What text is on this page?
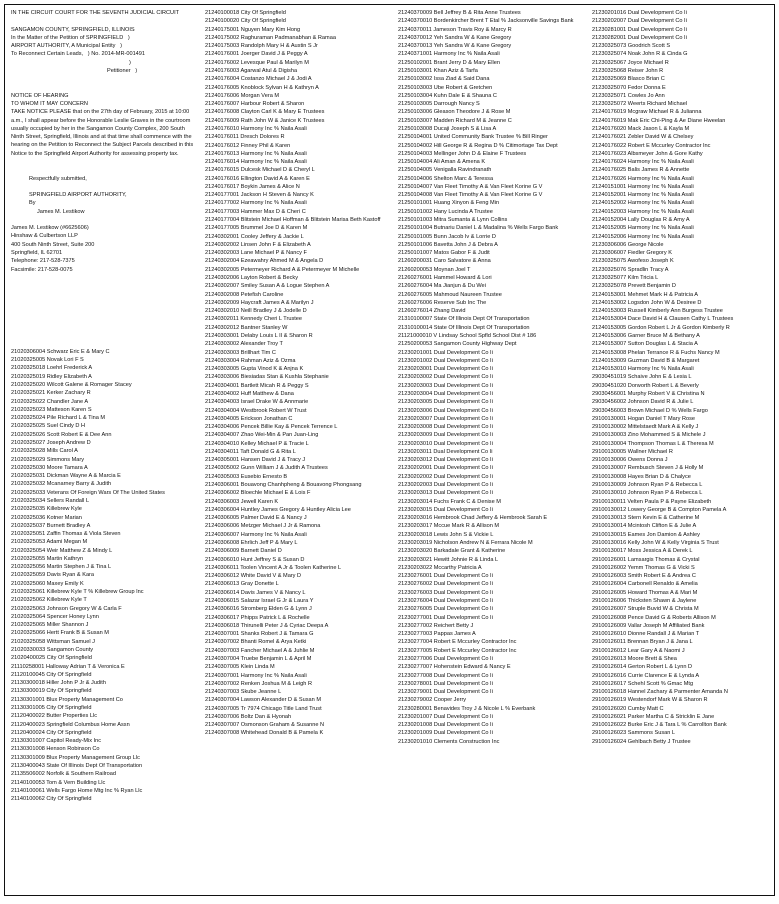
IN THE CIRCUIT COURT FOR THE SEVENTH JUDICIAL CIRCUIT
SANGAMON COUNTY, SPRINGFIELD, ILLINOIS
In the Matter of the Petition of SPRINGFIELD   )
AIRPORT AUTHORITY, A Municipal Entity   )
To Reconnect Certain Leads,   ) No. 2014-MR-001491
)
Petitioner   )
NOTICE OF HEARING
TO WHOM IT MAY CONCERN
TAKE NOTICE PLEASE that on the 27th day of February, 2015 at 10:00 a.m., I shall appear before the Honorable Leslie Graves in the courtroom usually occupied by her in the Sangamon County Complex, 200 South Ninth Street, Springfield, Illinois and at that time shall commence with the hearing on the Petition to Reconnect the Subject Parcels described in this Notice to the Springfield Airport Authority for assessing property tax.
Respectfully submitted,
SPRINGFIELD AIRPORT AUTHORITY,
By
James M. Lestikow
James M. Lestikow (#6625606)
Hinshaw & Culbertson LLP
400 South Ninth Street, Suite 200
Springfield, IL 62701
Telephone: 217-528-7375
Facsimile: 217-528-0075
21020306004 Schwarz Eric E & Mary C
21020325005 Novak Lori F S
21020325018 Loehrl Frederick A
21020325019 Ridley Elizabeth A
21020325020 Wilcott Galene & Romager Stacey
21020325021 Kerker Zachary R
21020325022 Chandler Jane A
21020325023 Matteson Karen S
21020325024 Pile Richard L & Tina M
21020325025 Suel Cindy D H
21020325026 Scott Robert E & Dee Ann
21020325027 Joseph Andrew D
21020325028 Mills Carol A
21020325029 Simmons Mary
21020325030 Moore Tamara A
21020325031 Dickman Wayne A & Marcia E
21020325032 Mcanarney Barry & Judith
21020325033 Veterans Of Foreign Wars Of The United States
21020325034 Sellers Randall L
21020325035 Killebrew Kyle
21020325036 Kotner Marian
21020325037 Burnett Bradley A
21020325051 Zaffin Thomas & Viola Steven
21020325053 Adami Megan M
21020325054 Weir Matthew Z & Mindy L
21020325055 Martin Kathryn
21020325056 Martin Stephen J & Tina L
21020325059 Davis Ryan & Kara
21020325060 Maxey Emily K
21020325061 Killebrew Kyle T % Killebrew Group Inc
21020325062 Killebrew Kyle T
21020325063 Johnson Gregory W & Carla F
21020325064 Spencer Honey Lynn
21020325065 Miller Shannon J
21020325066 Hertt Frank B & Susan M
21020325058 Wittsman Samuel J
21020330033 Sangamon County
21020400025 City Of Springfield
21110258001 Halloway Adrian T & Veronica E
21120100045 City Of Springfield
21130300018 Hiller John P Jr & Judith
21130300019 City Of Springfield
21130301001 Blux Property Management Co
21130301005 City Of Springfield
21120400022 Butter Properties Llc
21120400023 Springfield Columbus Home Assn
21120400024 City Of Springfield
21130301007 Capitol Ready-Mix Inc
21130301008 Henson Robinson Co
21130301009 Blux Property Management Group Llc
21130400043 State Of Illinois Dept Of Transportation
21135506002 Norfolk & Southern Railroad
21140100053 Tom & Vern Building Llc
21140100061 Wells Fargo Home Mtg Inc % Ryan Llc
21140100062 City Of Springfield
21240100018 City Of Springfield
21240100020 City Of Springfield
21240175001 Nguyen Mary Kim Hong
21240175002 Raghuraman Padmanabhan & Ramaa
21240175003 Randolph Mary H & Austin S Jr
21240176001 Joerger David J & Peggy A
21240176002 Levesque Paul & Marilyn M
21240176003 Agarwal Atul & Digisha
21240176004 Costanzo Michael J & Jodi A
21240176005 Knoblock Sylvan H & Kathryn A
21240176006 Morgan Vera M
21240176007 Harbour Robert & Sharon
21240176008 Clayton Carl K & Mary E Trustees
21240176009 Rath John W & Janice K Trustees
21240176010 Harmony Inc % Naila Asali
21240176011 Dresch Dolores R
21240176012 Finney Phil & Karen
21240176013 Harmony Inc % Naila Asali
21240176014 Harmony Inc % Naila Asali
21240176015 Dulcesk Michael D & Cheryl L
21240176016 Ellington David A & Karen E
21240176017 Boykin James & Alice N
21240177001 Jackson H Steven & Nancy K
21240177002 Harmony Inc % Naila Asali
21240177003 Hammer Max D & Cheri C
21240177004 Blitstein Michael Hoffman & Blitstein Marisa Beth Kastoff
21240177005 Brummel Joe D & Karen M
21240302001 Cooley Jeffery & Jackie L
21240302002 Linsen John F & Elizabeth A
21240302003 Lane Michael P & Nancy F
21240302004 Ezeawahry Ahmed M & Angela D
21240302005 Petermeyer Richard A & Petermeyer M Michelle
21240302006 Layton Robert & Becky
21240302007 Smiley Susan A & Logue Stephen A
21240302008 Petefish Caroline
21240302009 Haycraft James A & Marilyn J
21240302010 Neill Bradley J & Jodelle D
21240302011 Kennedy Cheri L Trustee
21240302012 Bantner Stanley W
21240303001 Delaby Louis L II & Sharon R
21240303002 Alexander Troy T
21240303003 Brillhart Tim C
21240303004 Rahman Aziz & Ozma
21240303005 Gupta Vinod K & Anjna K
21240303006 Biesiadas Stan & Kushla Stephanie
21240304001 Bartlett Micah R & Peggy S
21240304002 Huff Matthew & Dana
21240304003 Israel Drake W & Annmarie
21240304004 Westbrook Robert W Trust
21240304005 Erickson Jonathan C
21240304006 Pencek Billie Kay & Pencek Terrence L
21240304007 Zhao Wei-Min & Pan Juan-Ling
21240304010 Kelley Michael P & Tracie L
21240304011 Taft Donald G & Rita L
21240305001 Hansen David J & Tracy J
21240305002 Gunn William J & Judith A Trustees
21240305003 Eusebio Ernesto B
21240306001 Bouavong Chanhpheng & Bouavong Phongsang
21240306002 Bloechle Michael E & Lois F
21240306003 Jewell Karen K
21240306004 Huntley James Gregory & Huntley Alicia Lee
21240306005 Palmer David E & Nancy J
21240306006 Metzger Michael J Jr & Ramona
21240306007 Harmony Inc % Naila Asali
21240306008 Ehrlich Jeff P & Mary L
21240306009 Barnett Daniel D
21240306010 Hunt Jeffrey S & Susan D
21240306011 Toolen Vincent A Jr & Toolen Katherine L
21240306012 White David V & Mary D
21240306013 Gray Donette L
21240306014 Davis James V & Nancy L
21240306015 Salazar Israel G Jr & Laura Y
21240306016 Stromberg Elden G & Lynn J
21240306017 Phipps Patrick L & Rochelle
21240306018 Thirunelli Peter J & Cyriac Deepa A
21240307001 Shanks Robert J & Tamara G
21240307002 Bhanti Romel & Arya Ketki
21240307003 Fancher Michael A & Juhlie M
21240307004 Truebe Benjamin L & April M
21240307005 Klein Linda M
21240307001 Harmony Inc % Naila Asali
21240307002 Renken Joshua M & Leigh R
21240307003 Skube Jeanne L
21240307004 Lawson Alexander D & Susan M
21240307005 Tr 7974 Chicago Title Land Trust
21240307006 Boltz Dan & Hyonah
21240307007 Osmonson Graham & Susanne N
21240307008 Whitehead Donald B & Pamela K
21240370009 Bell Jeffrey B & Rita Anne Trustees
21240370010 Bordenkircher Brent T Etal % Jacksonville Savings Bank
21240370011 Jameson Travis Roy & Marcy R
21240370012 Yeh Sandra W & Kane Gregory
21240370013 Yeh Sandra W & Kane Gregory
21240371001 Harmony Inc % Naila Asali
21250102001 Brant Jerry D & Mary Ellen
21250103001 Khan Aziz & Tarfa
21250103002 Issa Ziad & Said Dana
21250103003 Ube Robert & Gretchen
21250103004 Kuhn Dale E & Shauna C
21250103005 Darrough Nancy S
21250103006 Gleason Theodore J & Rose M
21250103007 Madden Richard M & Jeanne C
21250103008 Ducaji Joseph S & Lisa A
21250104001 United Community Bank Trustee % Bill Ringer
21250104002 Hill George R & Regina D % Citimortage Tax Dept
21250104003 Mellinger John D & Elaine F Trustees
21250104004 Ali Aman & Amena K
21250104005 Venigalla Ravindranath
21250104006 Shelton Marc & Teressa
21250104007 Van Fleet Timothy A & Van Fleet Korine G V
21250104008 Van Fleet Timothy A & Van Fleet Korine G V
21250101001 Huang Xinyon & Feng Min
21250101002 Hany Lucinda A Trustee
21250101003 Mitra Sumanta & Lynn Collins
21250101004 Butnariu Daniel L & Madalina % Wells Fargo Bank
21250101005 Bunn Jacob Iv & Lorrie D
21250101006 Bavetta John J & Debra A
21250101007 Matos Gabor F & Judit
21260200031 Caro Salvatore & Anna
21260200053 Moynan Joel T
21260276001 Hammel Howard & Lori
21260276004 Ma Jianjun & Du Wei
21260276005 Mahmoud Naureen Trustee
21260276006 Reserve Sub Inc The
21260276014 Zhang David
21310100007 State Of Illinois Dept Of Transportation
21310100014 State Of Illinois Dept Of Transportation
21121000010 V Lindsay School Spfld School Dist # 186
21250200053 Sangamon County Highway Dept
21230201001 Dual Development Co Ii
21230201002 Dual Development Co Ii
21230203001 Dual Development Co Ii
21230203002 Dual Development Co Ii
21230203003 Dual Development Co Ii
21230203004 Dual Development Co Ii
21230203005 Dual Development Co Ii
21230203006 Dual Development Co Ii
21230203007 Dual Development Co Ii
21230203008 Dual Development Co Ii
21230203009 Dual Development Co Ii
21230203010 Dual Development Co Ii
21230203011 Dual Development Co Ii
21230203012 Dual Development Co Ii
21230202001 Dual Development Co Ii
21230202002 Dual Development Co Ii
21230202003 Dual Development Co Ii
21230203013 Dual Development Co Ii
21230203014 Fuchs Frank C & Denise M
21230203015 Dual Development Co Ii
21230203016 Hembrook Chad Jeffery & Hembrook Sarah E
21230203017 Mccue Mark R & Allison M
21230203018 Lewis John S & Vickie L
21230203019 Nicholson Andrew N & Ferrara Nicole M
21230203020 Barkadale Grant & Katherine
21230203021 Hewitt Johnie R & Linda L
21230203022 Mccarthy Patricia A
21230276001 Dual Development Co Ii
21230276002 Dual Development Co Ii
21230276003 Dual Development Co Ii
21230276004 Dual Development Co Ii
21230276005 Dual Development Co Ii
21230277001 Dual Development Co Ii
21230277002 Reichert Betty J
21230277003 Pappas James A
21230277004 Robert E Mccurley Contractor Inc
21230277005 Robert E Mccurley Contractor Inc
21230277006 Dual Development Co Ii
21230277007 Hohenstein Edward & Nancy E
21230277008 Dual Development Co Ii
21230278001 Dual Development Co Ii
21230279001 Dual Development Co Ii
21230279002 Cooper Jerry
21230280001 Benavides Troy J & Nicole L % Everbank
21230201007 Dual Development Co Ii
21230201008 Dual Development Co Ii
21230201009 Dual Development Co Ii
21230201010 Clements Construction Inc
21230201016 Dual Development Co Ii
21230202007 Dual Development Co Ii
21230281001 Dual Development Co Ii
21230282001 Dual Development Co Ii
21230325073 Goodrich Scott S
21230325074 Noak John R & Cinda G
21230325067 Joyce Michael R
21230325068 Reiser John R
21230325069 Blasco Brian C
21230325070 Fedor Donna E
21230325071 Cowles Jo Ann
21230325072 Weerts Richard Michael
21240176019 Mcgraw Michael R & Julianna
21240176019 Mak Eric Chi-Ping & Ae Diane Hweelan
21240176020 Mack Jason L & Kayla M
21240176021 Zebler David W & Chelsey
21240176022 Robert E Mccurley Contractor Inc
21240176023 Albsmeyer John & Gore Kathy
21240176024 Harmony Inc % Naila Asali
21240176025 Balis James R & Annette
21240176026 Harmony Inc % Naila Asali
21240151001 Harmony Inc % Naila Asali
21240152001 Harmony Inc % Naila Asali
21240152002 Harmony Inc % Naila Asali
21240152003 Harmony Inc % Naila Asali
21240152004 Lally Douglas R & Amy A
21240152005 Harmony Inc % Naila Asali
21240152006 Harmony Inc % Naila Asali
21230306006 George Nicole
21230306007 Fiedler Gregory K
21230325075 Awofeso Joseph K
21230325076 Spradlin Tracy A
21230325077 Kilm Tricia L
21230325078 Prevett Benjamin D
21240153001 Mehmet Mark H & Patricia A
21240153002 Logsdon John W & Desiree D
21240153003 Russell Kimberly Ann Burgess Trustee
21240153004 Dace David H & Clausen Cathy L Trustees
21240153005 Gordon Robert L Jr & Gordon Kimberly R
21240153006 Garner Bruce M & Bethany A
21240153007 Sutton Douglas L & Stacia A
21240153008 Phelan Terrance R & Fuchs Nancy M
21240153009 Guzman David B & Margaret
21240153010 Harmony Inc % Naila Asali
29030451019 Schaive John E & Lesia L
29030451020 Dorworth Robert L & Beverly
29030456001 Murphy Robert V & Christina N
29030456002 Johnson David R & Julie L
29030456003 Brown Michael D % Wells Fargo
29100130001 Hogan Daniel T Mary Rose
29100130002 Mittelstaedt Mark A & Kelly J
29100130003 Zino Mohammed S & Michele J
29100130004 Thompson Thomas L & Theresa M
29100130005 Wallner Michael R
29100130006 Owens Donna J
29100130007 Rembusch Steven J & Holly M
29100130008 Hayes Brian D & Chalyce
29100130009 Johnson Ryan P & Rebecca L
29100130010 Johnson Ryan P & Rebecca L
29100130011 Velten Paula P & Payne Elizabeth
29100130012 Lowery George B & Compton Pamela A
29100130013 Stern Kevin E & Catherine M
29100130014 Mcintosh Clifton E & Julie A
29100130015 Eames Jon Damion & Ashley
29100130016 Kelly John W & Kelly Virginia S Trust
29100130017 Moss Jessica A & Derek L
29100126001 Lamsargis Thomas & Crystal
29100126002 Yemm Thomas G & Vicki S
29100126003 Smith Robert E & Andrea C
29100126004 Carbonell Renaldo & Amelia
29100126005 Howard Thomas A & Mari M
29100126006 Thicksten Shawn & Jaylene
29100126007 Struple Buvid W & Christa M
29100126008 Pence David G & Roberts Allison M
29100126009 Vallar Joseph M Affiliated Bank
29100126010 Dionne Randall J & Marian T
29100126011 Brennan Bryan J & Jana L
29100126012 Lear Gary A & Naomi J
29100126013 Moore Brett & Shea
29100126014 Gerton Robert L & Lynn D
29100126016 Currie Clarence E & Lynda A
29100126017 Schehl Scott % Gmac Mtg
29100126018 Hannel Zachary & Parmenter Amanda N
29100126019 Westendorf Mark W & Sharon R
29100126020 Cumby Matt C
29100126021 Parker Martha C & Stricklin E Jane
29100126022 Burke Eric J & Tara L % Carrollton Bank
29100126023 Sammons Susan L
29100126024 Gehlbach Betty J Trustee
